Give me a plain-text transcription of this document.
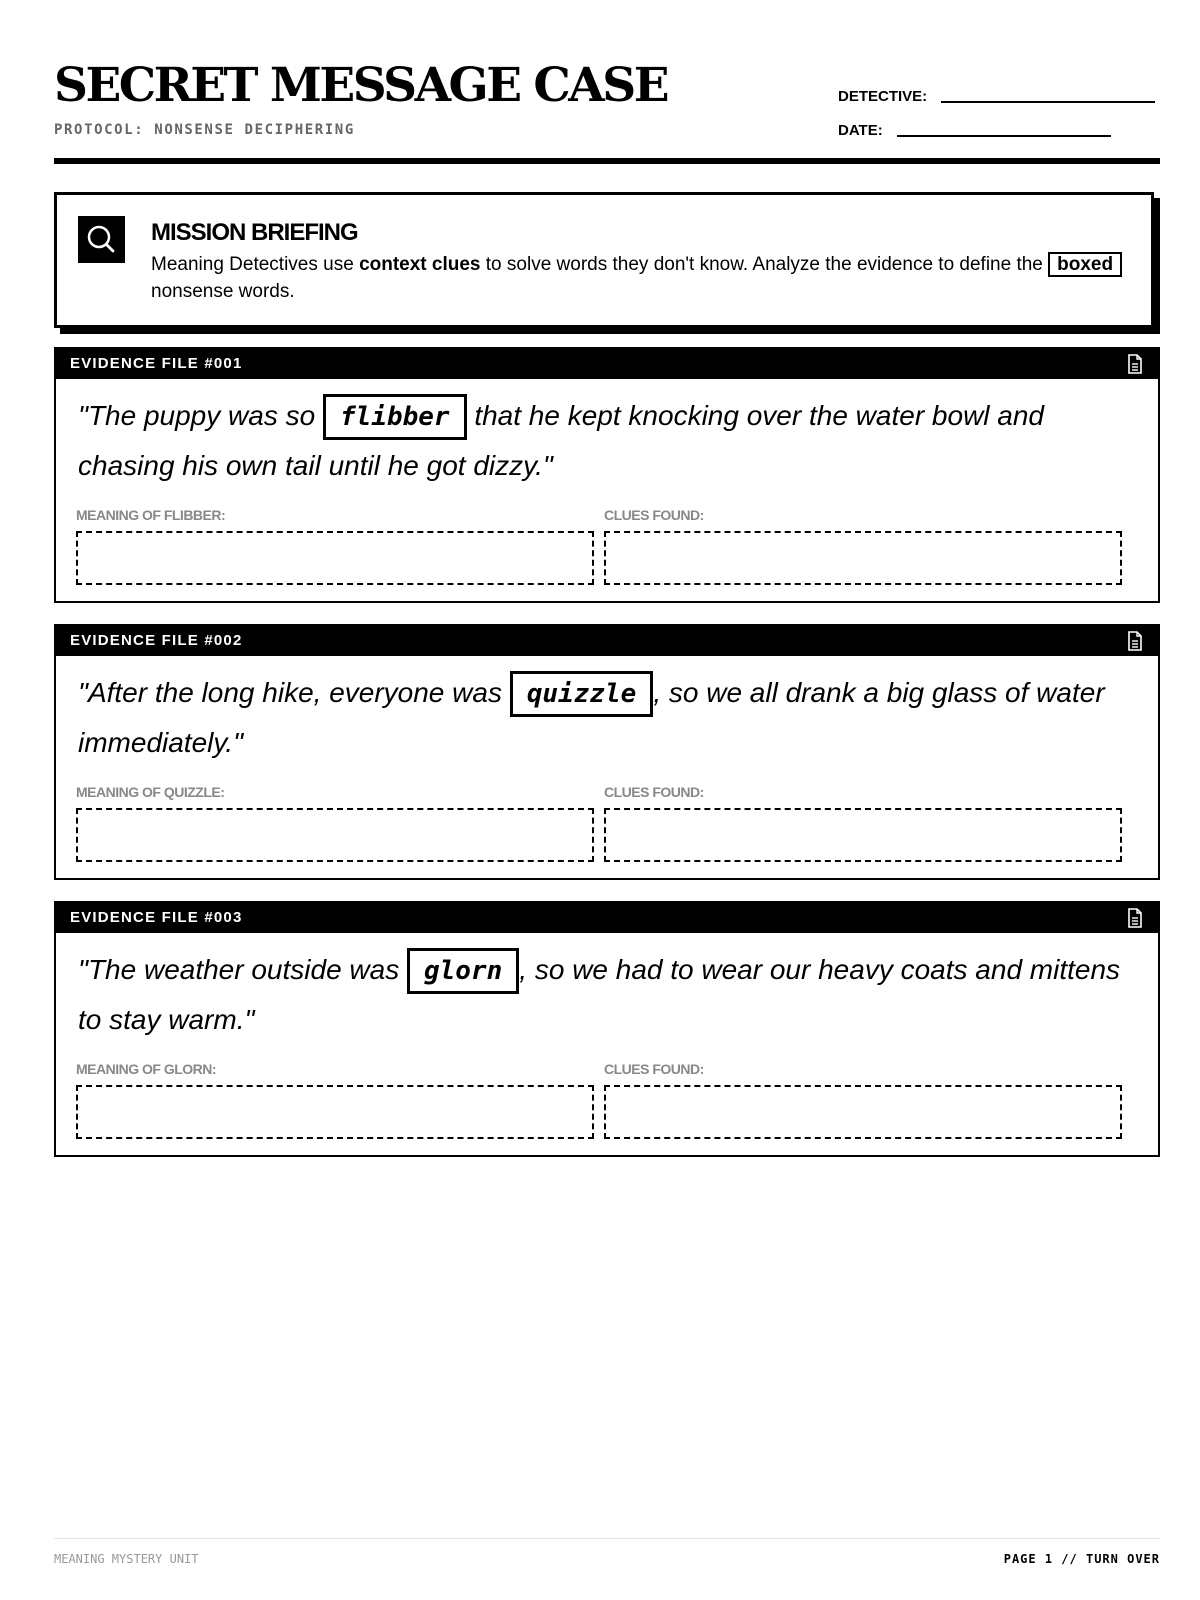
SECRET MESSAGE CASE
PROTOCOL: NONSENSE DECIPHERING
DETECTIVE:
DATE:
MISSION BRIEFING
Meaning Detectives use context clues to solve words they don't know. Analyze the evidence to define the boxed nonsense words.
EVIDENCE FILE #001
"The puppy was so flibber that he kept knocking over the water bowl and chasing his own tail until he got dizzy."
MEANING OF FLIBBER:	CLUES FOUND:
EVIDENCE FILE #002
"After the long hike, everyone was quizzle , so we all drank a big glass of water immediately."
MEANING OF QUIZZLE:	CLUES FOUND:
EVIDENCE FILE #003
"The weather outside was glorn , so we had to wear our heavy coats and mittens to stay warm."
MEANING OF GLORN:	CLUES FOUND:
MEANING MYSTERY UNIT	PAGE 1 // TURN OVER
